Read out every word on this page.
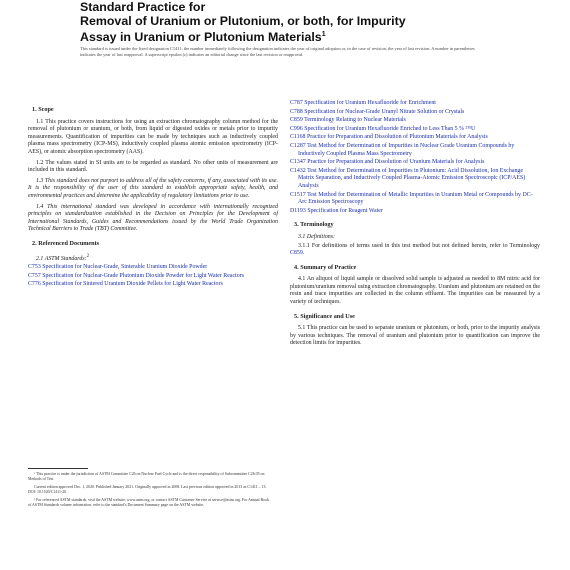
Standard Practice for
Removal of Uranium or Plutonium, or both, for Impurity
Assay in Uranium or Plutonium Materials$^1$
This standard is issued under the fixed designation C1411; the number immediately following the designation indicates the year of original adoption or, in the case of revision, the year of last revision. A number in parentheses indicates the year of last reapproval. A superscript epsilon (ε) indicates an editorial change since the last revision or reapproval.
1. Scope
1.1 This practice covers instructions for using an extraction chromatography column method for the removal of plutonium or uranium, or both, from liquid or digested oxides or metals prior to impurity measurements. Quantification of impurities can be made by techniques such as inductively coupled plasma mass spectrometry (ICP-MS), inductively coupled plasma atomic emission spectrometry (ICP-AES), or atomic absorption spectrometry (AAS).
1.2 The values stated in SI units are to be regarded as standard. No other units of measurement are included in this standard.
1.3 This standard does not purport to address all of the safety concerns, if any, associated with its use. It is the responsibility of the user of this standard to establish appropriate safety, health, and environmental practices and determine the applicability of regulatory limitations prior to use.
1.4 This international standard was developed in accordance with internationally recognized principles on standardization established in the Decision on Principles for the Development of International Standards, Guides and Recommendations issued by the World Trade Organization Technical Barriers to Trade (TBT) Committee.
2. Referenced Documents
2.1 ASTM Standards:$^2$
C753 Specification for Nuclear-Grade, Sinterable Uranium Dioxide Powder
C757 Specification for Nuclear-Grade Plutonium Dioxide Powder for Light Water Reactors
C776 Specification for Sintered Uranium Dioxide Pellets for Light Water Reactors
C787 Specification for Uranium Hexafluoride for Enrichment
C788 Specification for Nuclear-Grade Uranyl Nitrate Solution or Crystals
C859 Terminology Relating to Nuclear Materials
C996 Specification for Uranium Hexafluoride Enriched to Less Than 5 % ²³⁵U
C1168 Practice for Preparation and Dissolution of Plutonium Materials for Analysis
C1287 Test Method for Determination of Impurities in Nuclear Grade Uranium Compounds by Inductively Coupled Plasma Mass Spectrometry
C1347 Practice for Preparation and Dissolution of Uranium Materials for Analysis
C1432 Test Method for Determination of Impurities in Plutonium: Acid Dissolution, Ion Exchange Matrix Separation, and Inductively Coupled Plasma-Atomic Emission Spectroscopic (ICP/AES) Analysis
C1517 Test Method for Determination of Metallic Impurities in Uranium Metal or Compounds by DC-Arc Emission Spectroscopy
D1193 Specification for Reagent Water
3. Terminology
3.1 Definitions:
3.1.1 For definitions of terms used in this test method but not defined herein, refer to Terminology C859.
4. Summary of Practice
4.1 An aliquot of liquid sample or dissolved solid sample is adjusted as needed to 8M nitric acid for plutonium/uranium removal using extraction chromatography. Uranium and plutonium are retained on the resin and trace impurities are collected in the column effluent. The impurities can be measured by a variety of techniques.
5. Significance and Use
5.1 This practice can be used to separate uranium or plutonium, or both, prior to the impurity analysis by various techniques. The removal of uranium and plutonium prior to quantification can improve the detection limits for impurities.
¹ This practice is under the jurisdiction of ASTM Committee C26 on Nuclear Fuel Cycle and is the direct responsibility of Subcommittee C26.05 on Methods of Test.
Current edition approved Dec. 1, 2020. Published January 2021. Originally approved in 2008. Last previous edition approved in 2013 as C1411 – 13. DOI: 10.1520/C1411-20.
² For referenced ASTM standards, visit the ASTM website, www.astm.org, or contact ASTM Customer Service at service@astm.org. For Annual Book of ASTM Standards volume information, refer to the standard's Document Summary page on the ASTM website.
